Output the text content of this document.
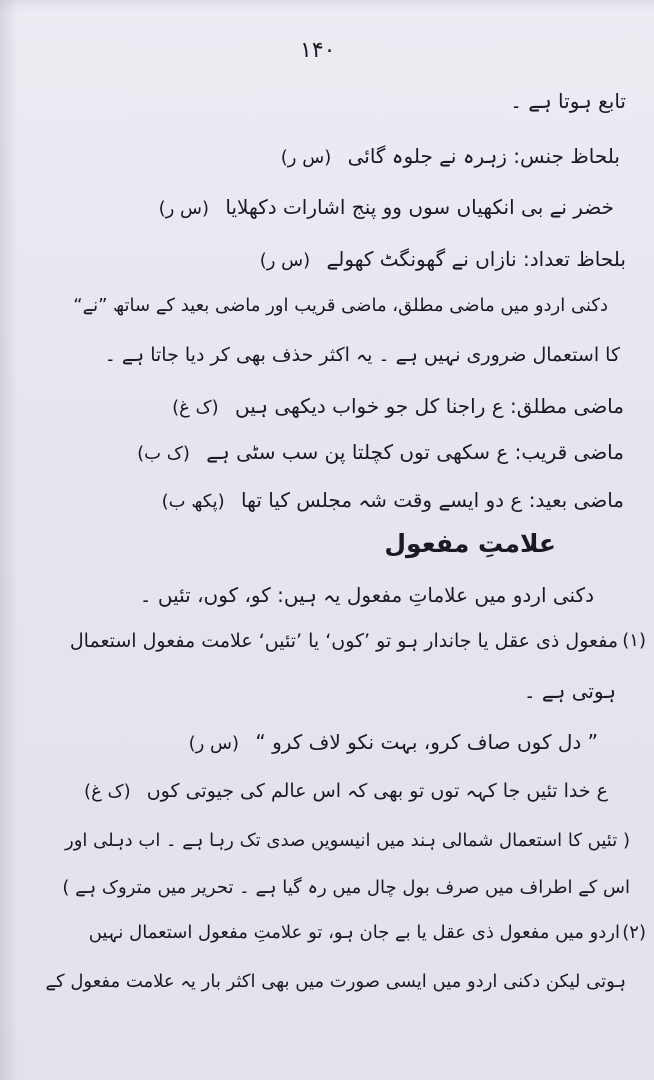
۱۴۰
تابع ہوتا ہے ۔
بلحاظ جنس: زہرہ نے جلوہ گائی (س ر)
خضر نے بی انکھیاں سوں وو پنج اشارات دکھلایا (س ر)
بلحاظ تعداد: نازاں نے گھونگٹ کھولے (س ر)
دکنی اردو میں ماضی مطلق، ماضی قریب اور ماضی بعید کے ساتھ ”نے“
کا استعمال ضروری نہیں ہے ۔ یہ اکثر حذف بھی کر دیا جاتا ہے ۔
ماضی مطلق: ع راجنا کل جو خواب دیکھی ہیں (ک غ)
ماضی قریب: ع سکھی توں کچلتا پن سب سٹی ہے (ک ب)
ماضی بعید: ع دو ایسے وقت شہ مجلس کیا تھا (پکھ ب)
علامتِ مفعول
دکنی اردو میں علاماتِ مفعول یہ ہیں: کو، کوں، تئیں ۔
(۱)
مفعول ذی عقل یا جاندار ہو تو ’کوں‘ یا ’تئیں‘ علامت مفعول استعمال
ہوتی ہے ۔
” دل کوں صاف کرو، بہت نکو لاف کرو “ (س ر)
ع خدا تئیں جا کہہ توں تو بھی کہ اس عالم کی جیوتی کوں (ک غ)
( تئیں کا استعمال شمالی ہند میں انیسویں صدی تک رہا ہے ۔ اب دہلی اور
اس کے اطراف میں صرف بول چال میں رہ گیا ہے ۔ تحریر میں متروک ہے )
(۲)
اردو میں مفعول ذی عقل یا بے جان ہو، تو علامتِ مفعول استعمال نہیں
ہوتی لیکن دکنی اردو میں ایسی صورت میں بھی اکثر بار یہ علامت مفعول کے
